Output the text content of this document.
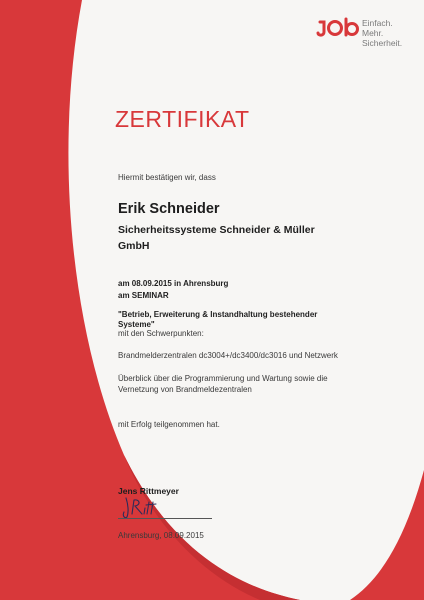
Einfach.
Mehr.
Sicherheit.
ZERTIFIKAT
Hiermit bestätigen wir, dass
Erik Schneider
Sicherheitssysteme Schneider & Müller
GmbH
am 08.09.2015 in Ahrensburg
am SEMINAR
"Betrieb, Erweiterung & Instandhaltung bestehender
Systeme"
mit den Schwerpunkten:
Brandmelderzentralen dc3004+/dc3400/dc3016 und Netzwerk
Überblick über die Programmierung und Wartung sowie die
Vernetzung von Brandmeldezentralen
mit Erfolg teilgenommen hat.
Jens Rittmeyer
Ahrensburg, 08.09.2015
